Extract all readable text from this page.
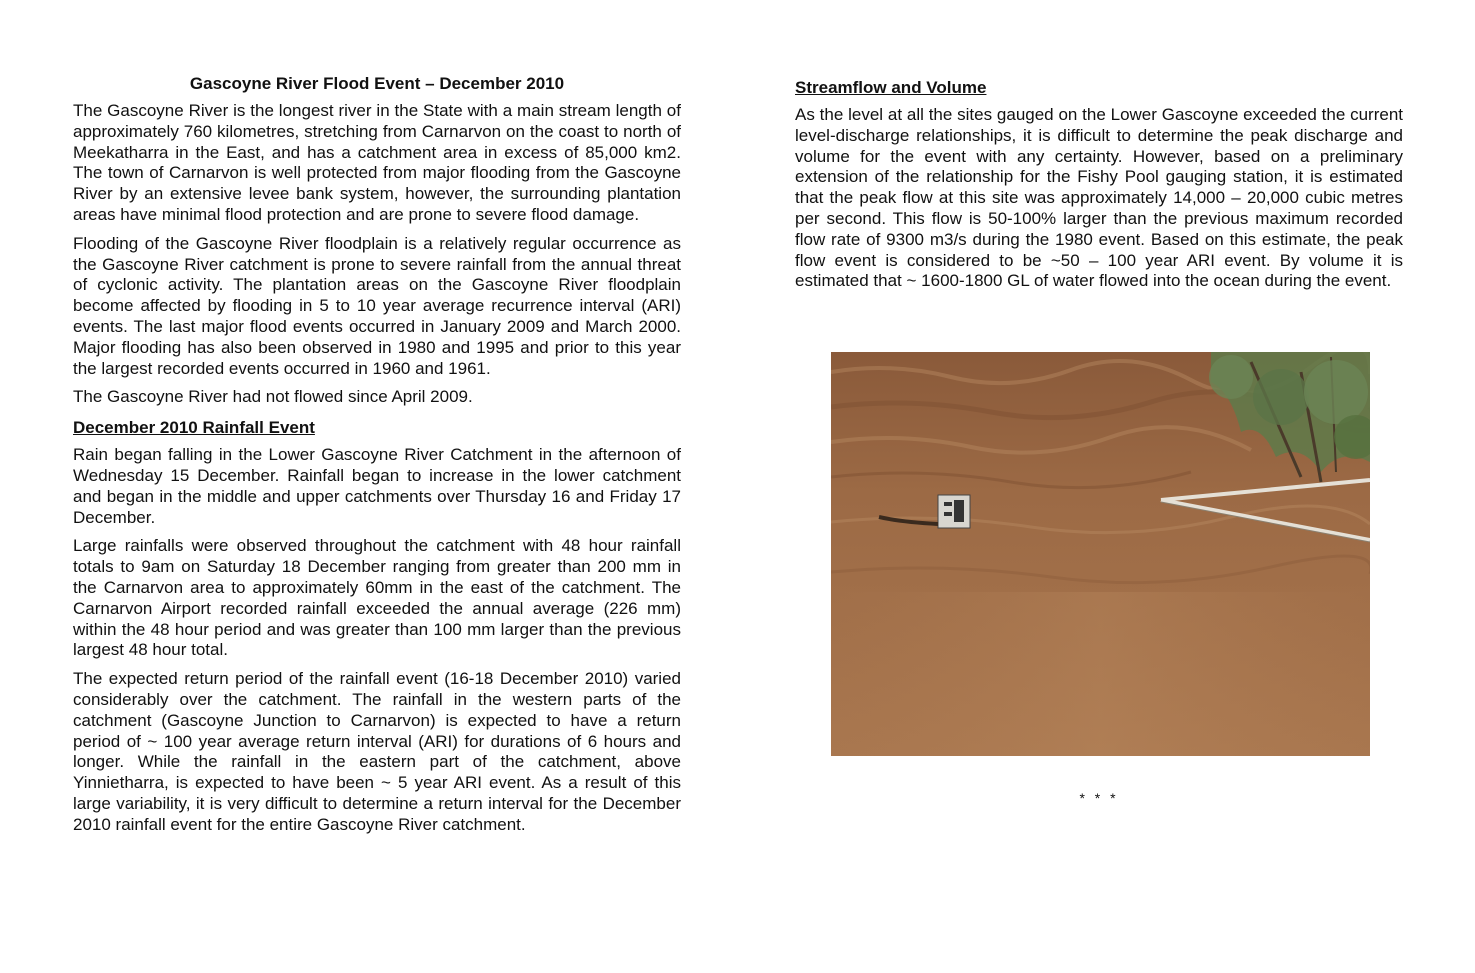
Gascoyne River Flood Event – December 2010

The Gascoyne River is the longest river in the State with a main stream length of approximately 760 kilometres, stretching from Carnarvon on the coast to north of Meekatharra in the East, and has a catchment area in excess of 85,000 km2. The town of Carnarvon is well protected from major flooding from the Gascoyne River by an extensive levee bank system, however, the surrounding plantation areas have minimal flood protection and are prone to severe flood damage.

Flooding of the Gascoyne River floodplain is a relatively regular occurrence as the Gascoyne River catchment is prone to severe rainfall from the annual threat of cyclonic activity. The plantation areas on the Gascoyne River floodplain become affected by flooding in 5 to 10 year average recurrence interval (ARI) events. The last major flood events occurred in January 2009 and March 2000. Major flooding has also been observed in 1980 and 1995 and prior to this year the largest recorded events occurred in 1960 and 1961.

The Gascoyne River had not flowed since April 2009.

December 2010 Rainfall Event

Rain began falling in the Lower Gascoyne River Catchment in the afternoon of Wednesday 15 December. Rainfall began to increase in the lower catchment and began in the middle and upper catchments over Thursday 16 and Friday 17 December.

Large rainfalls were observed throughout the catchment with 48 hour rainfall totals to 9am on Saturday 18 December ranging from greater than 200 mm in the Carnarvon area to approximately 60mm in the east of the catchment. The Carnarvon Airport recorded rainfall exceeded the annual average (226 mm) within the 48 hour period and was greater than 100 mm larger than the previous largest 48 hour total.

The expected return period of the rainfall event (16-18 December 2010) varied considerably over the catchment. The rainfall in the western parts of the catchment (Gascoyne Junction to Carnarvon) is expected to have a return period of ~ 100 year average return interval (ARI) for durations of 6 hours and longer. While the rainfall in the eastern part of the catchment, above Yinnietharra, is expected to have been ~ 5 year ARI event. As a result of this large variability, it is very difficult to determine a return interval for the December 2010 rainfall event for the entire Gascoyne River catchment.

Streamflow and Volume

As the level at all the sites gauged on the Lower Gascoyne exceeded the current level-discharge relationships, it is difficult to determine the peak discharge and volume for the event with any certainty. However, based on a preliminary extension of the relationship for the Fishy Pool gauging station, it is estimated that the peak flow at this site was approximately 14,000 – 20,000 cubic metres per second. This flow is 50-100% larger than the previous maximum recorded flow rate of 9300 m3/s during the 1980 event. Based on this estimate, the peak flow event is considered to be ~50 – 100 year ARI event. By volume it is estimated that ~ 1600-1800 GL of water flowed into the ocean during the event.

* * *
